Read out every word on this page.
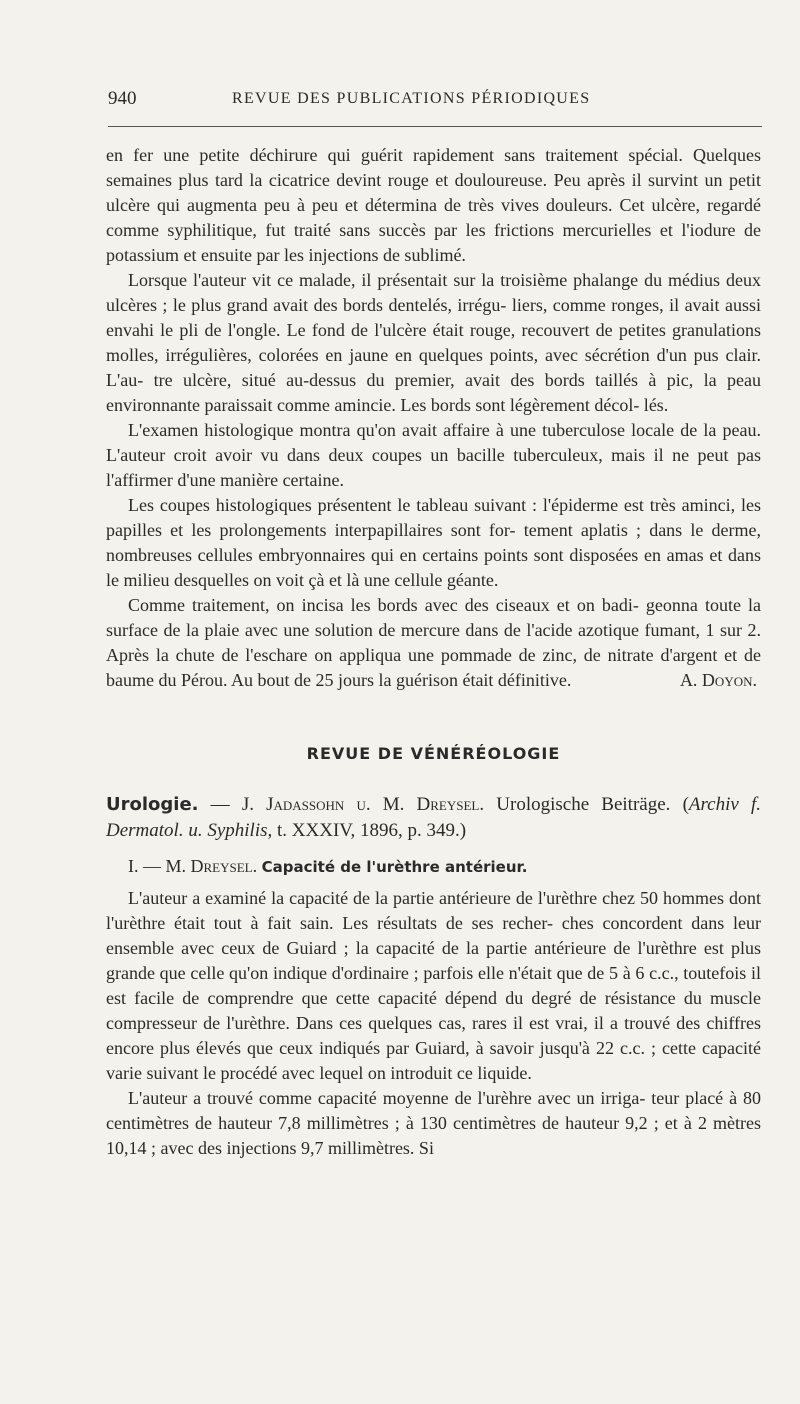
940	REVUE DES PUBLICATIONS PÉRIODIQUES

en fer une petite déchirure qui guérit rapidement sans traitement spécial. Quelques semaines plus tard la cicatrice devint rouge et douloureuse. Peu après il survint un petit ulcère qui augmenta peu à peu et détermina de très vives douleurs. Cet ulcère, regardé comme syphilitique, fut traité sans succès par les frictions mercurielles et l'iodure de potassium et ensuite par les injections de sublimé.

Lorsque l'auteur vit ce malade, il présentait sur la troisième phalange du médius deux ulcères ; le plus grand avait des bords dentelés, irrégu- liers, comme ronges, il avait aussi envahi le pli de l'ongle. Le fond de l'ulcère était rouge, recouvert de petites granulations molles, irrégulières, colorées en jaune en quelques points, avec sécrétion d'un pus clair. L'au- tre ulcère, situé au-dessus du premier, avait des bords taillés à pic, la peau environnante paraissait comme amincie. Les bords sont légèrement décol- lés.

L'examen histologique montra qu'on avait affaire à une tuberculose locale de la peau. L'auteur croit avoir vu dans deux coupes un bacille tuberculeux, mais il ne peut pas l'affirmer d'une manière certaine.

Les coupes histologiques présentent le tableau suivant : l'épiderme est très aminci, les papilles et les prolongements interpapillaires sont for- tement aplatis ; dans le derme, nombreuses cellules embryonnaires qui en certains points sont disposées en amas et dans le milieu desquelles on voit çà et là une cellule géante.

Comme traitement, on incisa les bords avec des ciseaux et on badi- geonna toute la surface de la plaie avec une solution de mercure dans de l'acide azotique fumant, 1 sur 2. Après la chute de l'eschare on appliqua une pommade de zinc, de nitrate d'argent et de baume du Pérou. Au bout de 25 jours la guérison était définitive.	A. Doyon.

REVUE DE VÉNÉRÉOLOGIE

Urologie. — J. Jadassohn u. M. Dreysel. Urologische Beiträge. (Archiv f. Dermatol. u. Syphilis, t. XXXIV, 1896, p. 349.)

I. — M. Dreysel. Capacité de l'urèthre antérieur.

L'auteur a examiné la capacité de la partie antérieure de l'urèthre chez 50 hommes dont l'urèthre était tout à fait sain. Les résultats de ses recher- ches concordent dans leur ensemble avec ceux de Guiard ; la capacité de la partie antérieure de l'urèthre est plus grande que celle qu'on indique d'ordinaire ; parfois elle n'était que de 5 à 6 c.c., toutefois il est facile de comprendre que cette capacité dépend du degré de résistance du muscle compresseur de l'urèthre. Dans ces quelques cas, rares il est vrai, il a trouvé des chiffres encore plus élevés que ceux indiqués par Guiard, à savoir jusqu'à 22 c.c. ; cette capacité varie suivant le procédé avec lequel on introduit ce liquide.

L'auteur a trouvé comme capacité moyenne de l'urèhre avec un irriga- teur placé à 80 centimètres de hauteur 7,8 millimètres ; à 130 centimètres de hauteur 9,2 ; et à 2 mètres 10,14 ; avec des injections 9,7 millimètres. Si
